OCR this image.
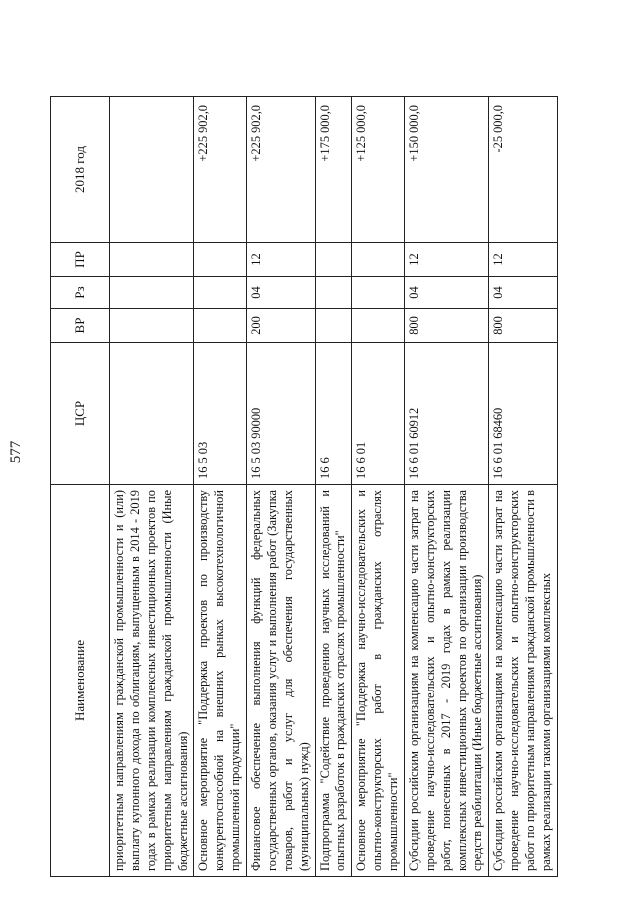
577
Наименование	ЦСР	ВР	Рз	ПР	2018 год
приоритетным направлениям гражданской промышленности и (или) выплату купонного дохода по облигациям, выпущенным в 2014 - 2019 годах в рамках реализации комплексных инвестиционных проектов по приоритетным направлениям гражданской промышленности (Иные бюджетные ассигнования)					
Основное мероприятие "Поддержка проектов по производству конкурентоспособной на внешних рынках высокотехнологичной промышленной продукции"	16 5 03				+225 902,0
Финансовое обеспечение выполнения функций федеральных государственных органов, оказания услуг и выполнения работ (Закупка товаров, работ и услуг для обеспечения государственных (муниципальных) нужд)	16 5 03 90000	200	04	12	+225 902,0
Подпрограмма "Содействие проведению научных исследований и опытных разработок в гражданских отраслях промышленности"	16 6				+175 000,0
Основное мероприятие "Поддержка научно-исследовательских и опытно-конструкторских работ в гражданских отраслях промышленности"	16 6 01				+125 000,0
Субсидии российским организациям на компенсацию части затрат на проведение научно-исследовательских и опытно-конструкторских работ, понесенных в 2017 - 2019 годах в рамках реализации комплексных инвестиционных проектов по организации производства средств реабилитации (Иные бюджетные ассигнования)	16 6 01 60912	800	04	12	+150 000,0
Субсидии российским организациям на компенсацию части затрат на проведение научно-исследовательских и опытно-конструкторских работ по приоритетным направлениям гражданской промышленности в рамках реализации такими организациями комплексных	16 6 01 68460	800	04	12	-25 000,0
